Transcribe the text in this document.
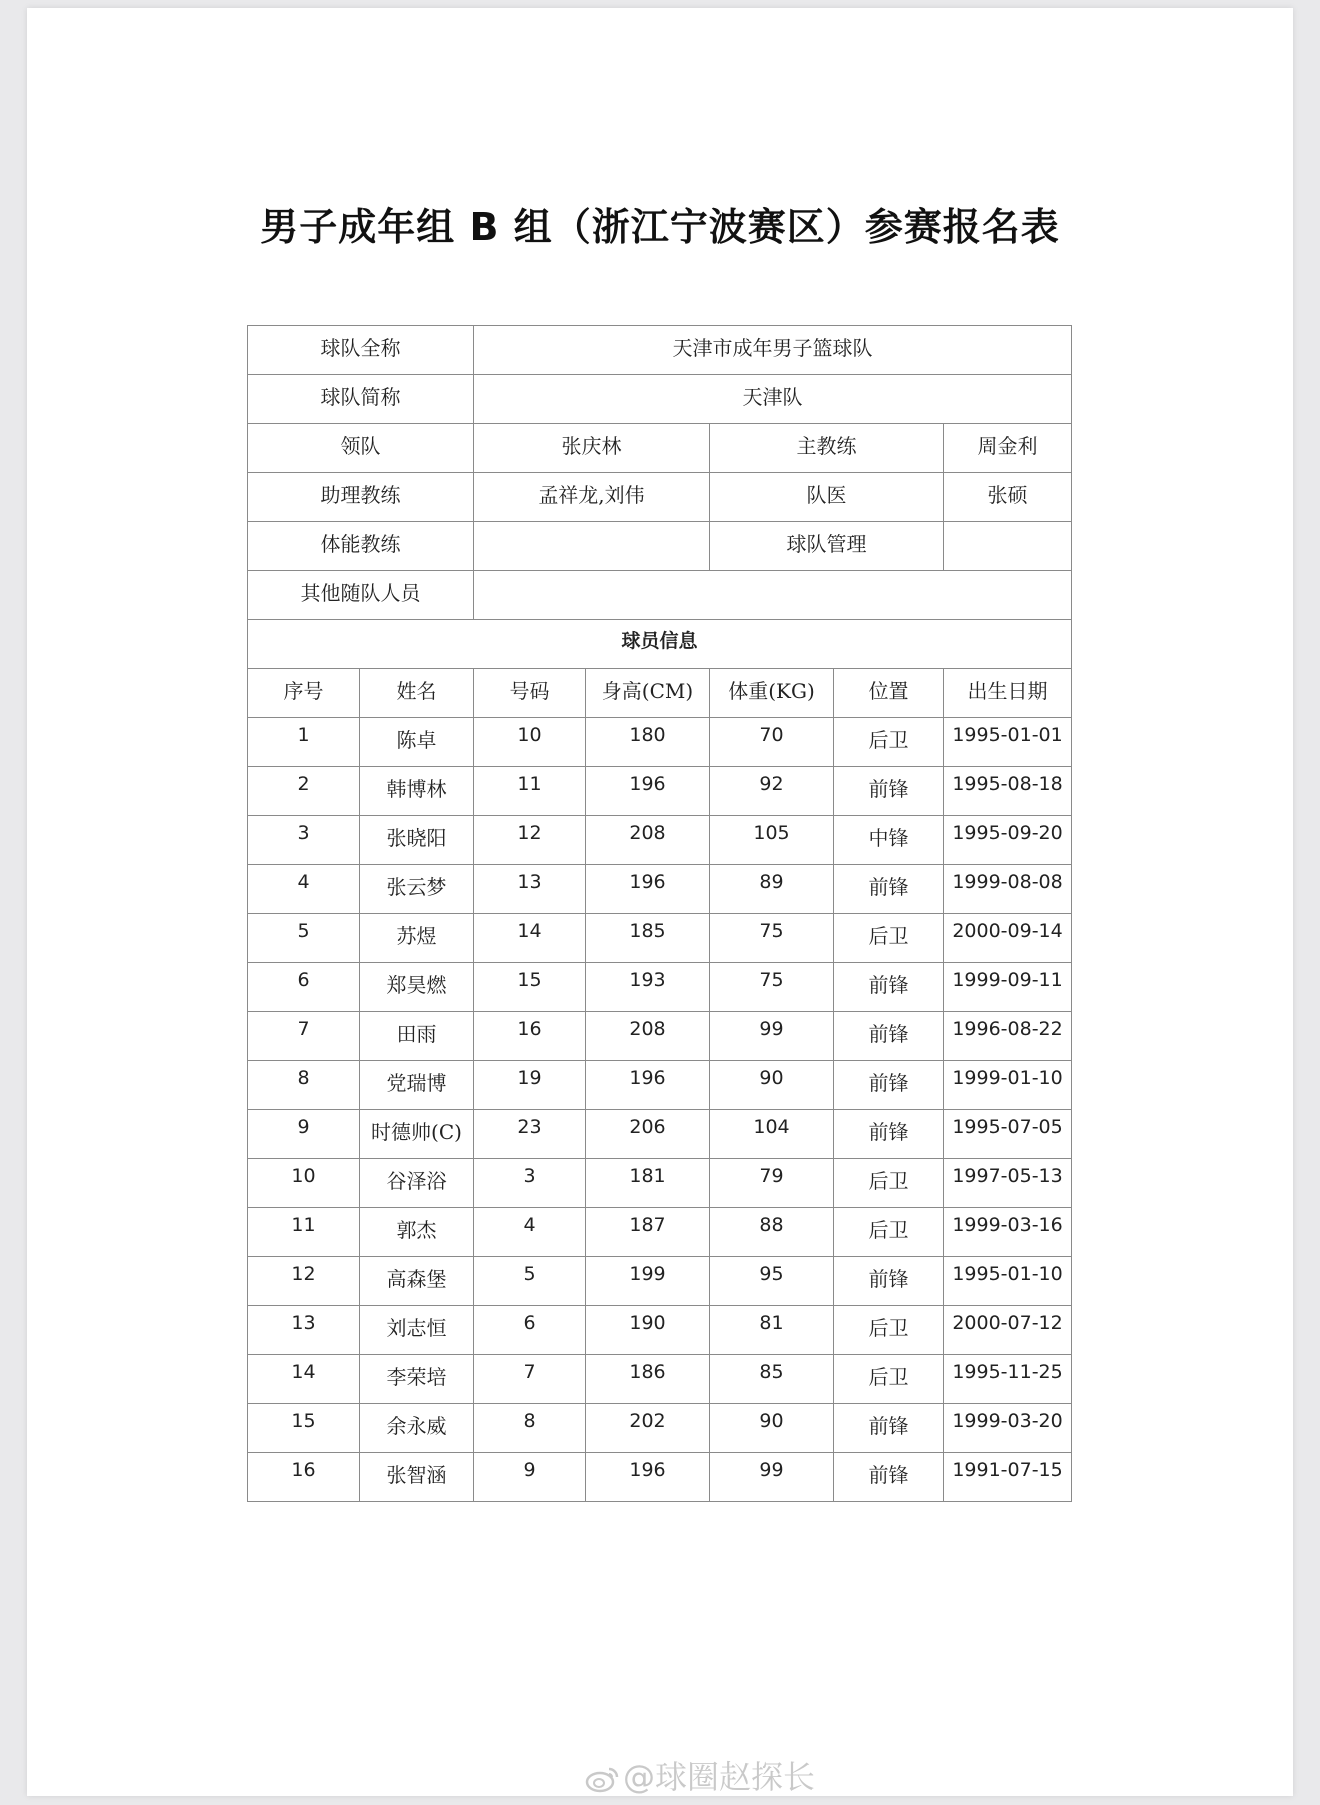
男子成年组 B 组（浙江宁波赛区）参赛报名表
球队全称		天津市成年男子篮球队				
球队简称		天津队				
领队		张庆林		主教练		周金利
助理教练		孟祥龙,刘伟		队医		张硕
体能教练				球队管理		
其他随队人员						
球员信息						
序号	姓名	号码	身高(CM)	体重(KG)	位置	出生日期
1	陈卓	10	180	70	后卫	1995-01-01
2	韩博林	11	196	92	前锋	1995-08-18
3	张晓阳	12	208	105	中锋	1995-09-20
4	张云梦	13	196	89	前锋	1999-08-08
5	苏煜	14	185	75	后卫	2000-09-14
6	郑昊燃	15	193	75	前锋	1999-09-11
7	田雨	16	208	99	前锋	1996-08-22
8	党瑞博	19	196	90	前锋	1999-01-10
9	时德帅(C)	23	206	104	前锋	1995-07-05
10	谷泽浴	3	181	79	后卫	1997-05-13
11	郭杰	4	187	88	后卫	1999-03-16
12	高森堡	5	199	95	前锋	1995-01-10
13	刘志恒	6	190	81	后卫	2000-07-12
14	李荣培	7	186	85	后卫	1995-11-25
15	余永威	8	202	90	前锋	1999-03-20
16	张智涵	9	196	99	前锋	1991-07-15
@球圈赵探长
